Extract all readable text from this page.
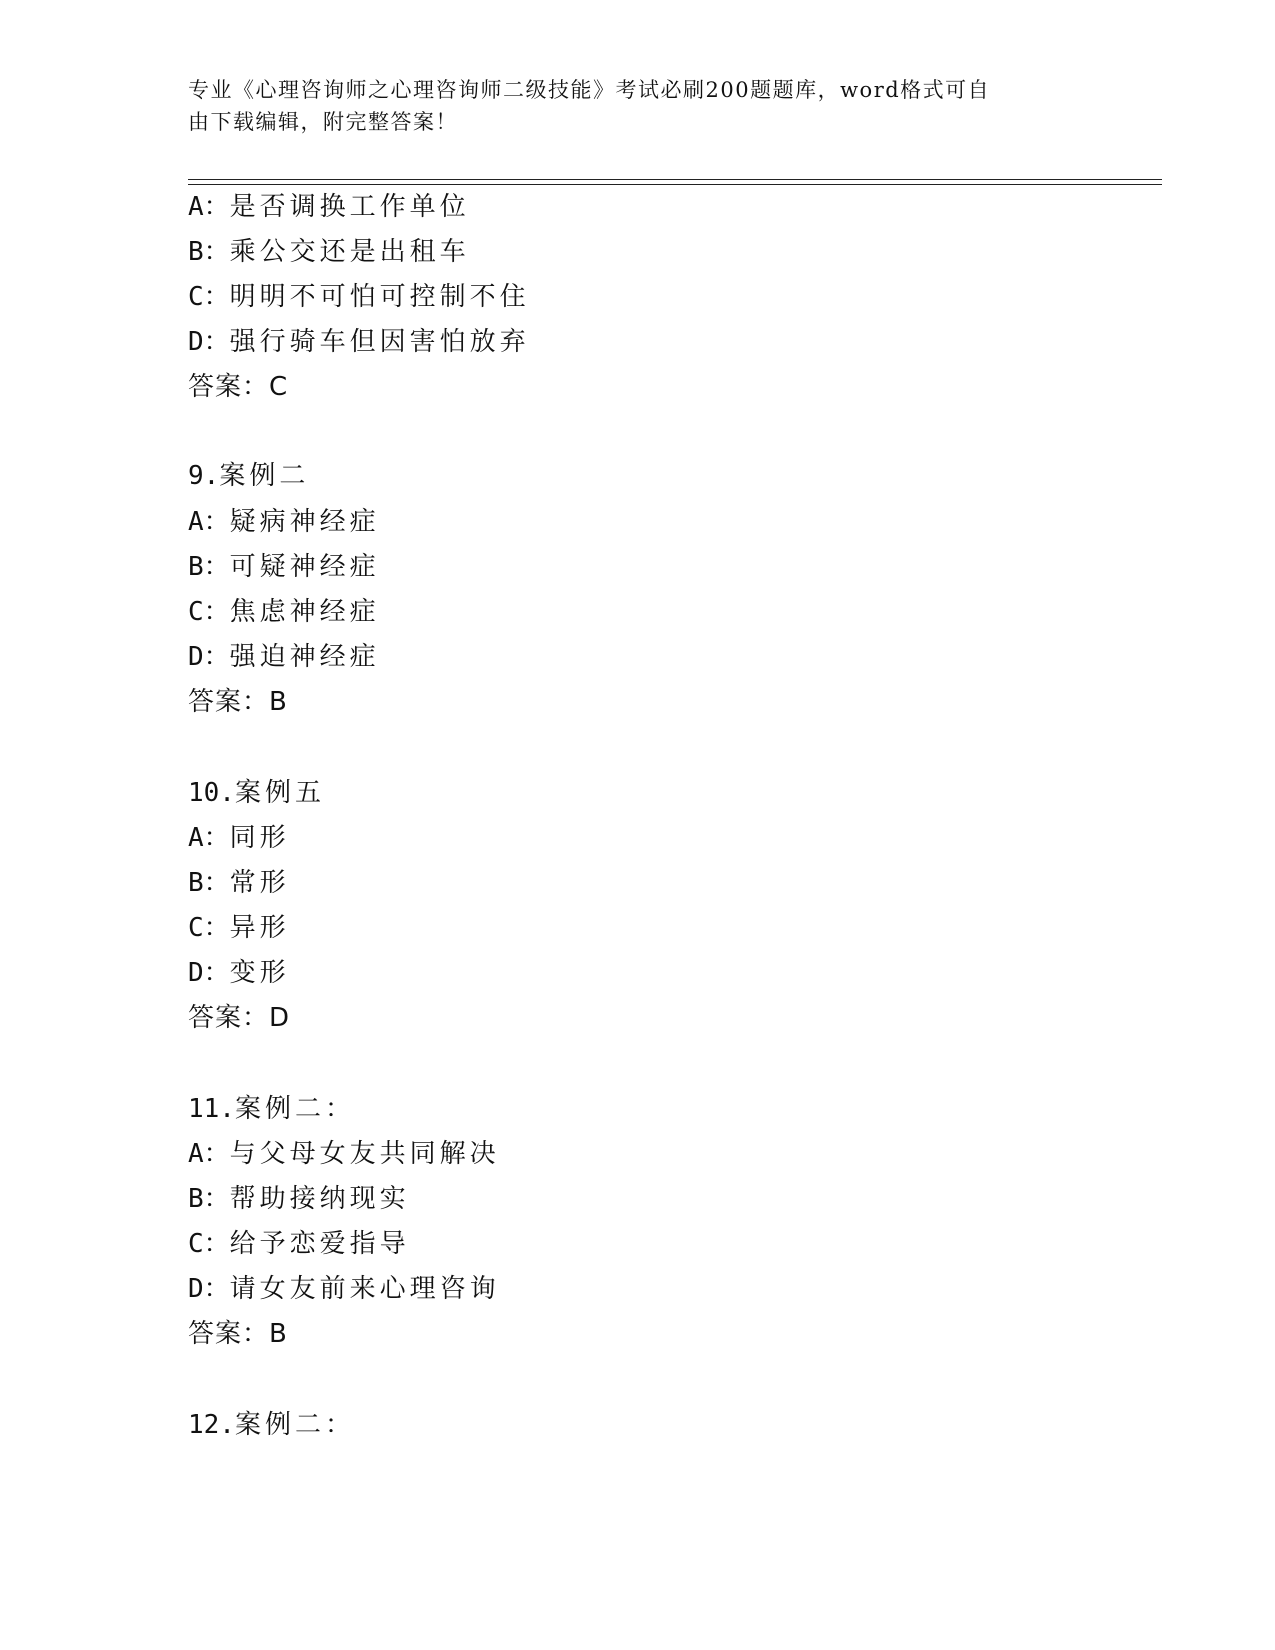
专业《心理咨询师之心理咨询师二级技能》考试必刷200题题库，word格式可自
由下载编辑，附完整答案！
A：是否调换工作单位
B：乘公交还是出租车
C：明明不可怕可控制不住
D：强行骑车但因害怕放弃
答案：C
9.案例二
A：疑病神经症
B：可疑神经症
C：焦虑神经症
D：强迫神经症
答案：B
10.案例五
A：同形
B：常形
C：异形
D：变形
答案：D
11.案例二：
A：与父母女友共同解决
B：帮助接纳现实
C：给予恋爱指导
D：请女友前来心理咨询
答案：B
12.案例二：
